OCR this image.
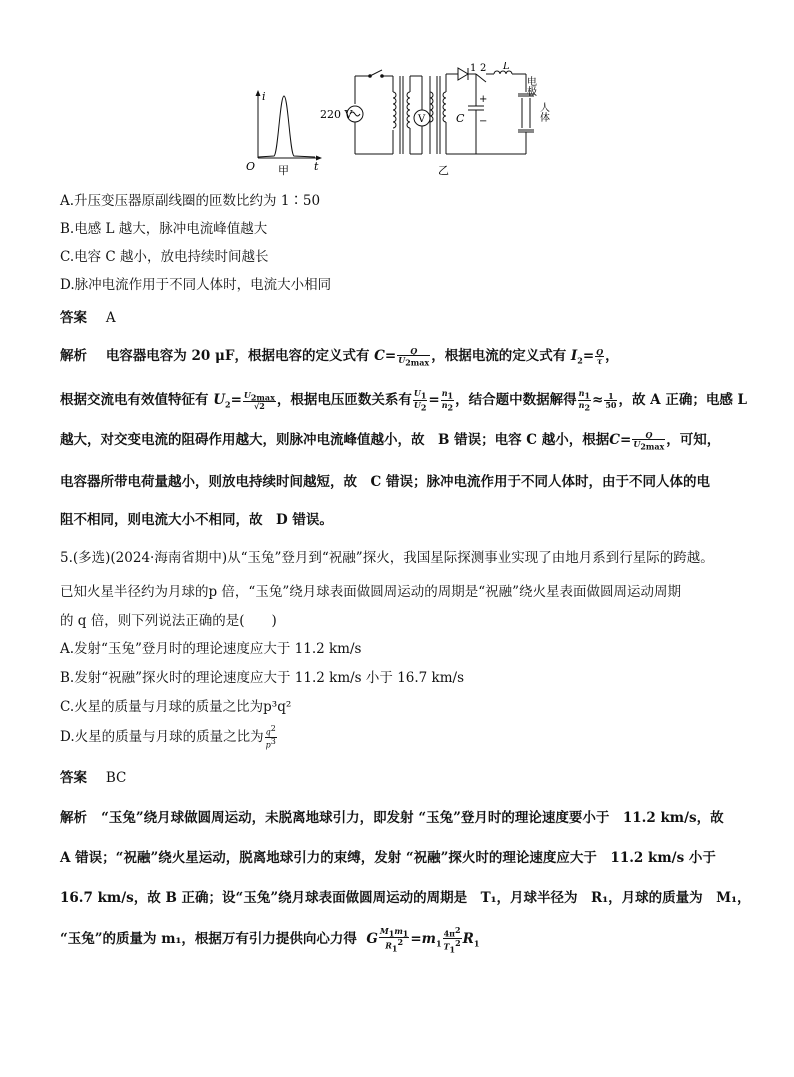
i
t
O 甲
220 V	V
1 2 L
C
+
−
电极
人体
乙
A.升压变压器原副线圈的匝数比约为 1∶50
B.电感 L 越大，脉冲电流峰值越大
C.电容 C 越小，放电持续时间越长
D.脉冲电流作用于不同人体时，电流大小相同
答案 A
解析 电容器电容为 20 μF，根据电容的定义式有 $C= \frac{Q}{U_{2max}}$ ，根据电流的定义式有 $I_2= \frac{Q}{\tau}$ ，
根据交流电有效值特征有 $U_2= \frac{U_{2max}}{√2}$ ，根据电压匝数关系有 $\frac{U_1}{U_2} = \frac{n_1}{n_2}$ ，结合题中数据解得 $\frac{n_1}{n_2} \approx \frac{1}{50}$ ，故 A 正确；电感 L
越大，对交变电流的阻碍作用越大，则脉冲电流峰值越小，故　B 错误；电容 C 越小，根据$C= \frac{Q}{U_{2max}}$ ，可知，
电容器所带电荷量越小，则放电持续时间越短，故　C 错误；脉冲电流作用于不同人体时，由于不同人体的电
阻不相同，则电流大小不相同，故　D 错误。
5.(多选)(2024·海南省期中)从“玉兔”登月到“祝融”探火，我国星际探测事业实现了由地月系到行星际的跨越。
已知火星半径约为月球的p 倍，“玉兔”绕月球表面做圆周运动的周期是“祝融”绕火星表面做圆周运动周期
的 q 倍，则下列说法正确的是(　　)
A.发射“玉兔”登月时的理论速度应大于 11.2 km/s
B.发射“祝融”探火时的理论速度应大于 11.2 km/s 小于 16.7 km/s
C.火星的质量与月球的质量之比为p³q²
D.火星的质量与月球的质量之比为 $\frac{q^2}{p^3}$
答案 BC
解析 “玉兔”绕月球做圆周运动，未脱离地球引力，即发射 “玉兔”登月时的理论速度要小于　11.2 km/s，故
A 错误；“祝融”绕火星运动，脱离地球引力的束缚，发射 “祝融”探火时的理论速度应大于　11.2 km/s 小于
16.7 km/s，故 B 正确；设“玉兔”绕月球表面做圆周运动的周期是　T₁，月球半径为　R₁，月球的质量为　M₁，
“玉兔”的质量为 m₁，根据万有引力提供向心力得 G $\frac{M_1m_1}{R_1^2} =m_1 \frac{4\pi^2}{T_1^2} R_1$
